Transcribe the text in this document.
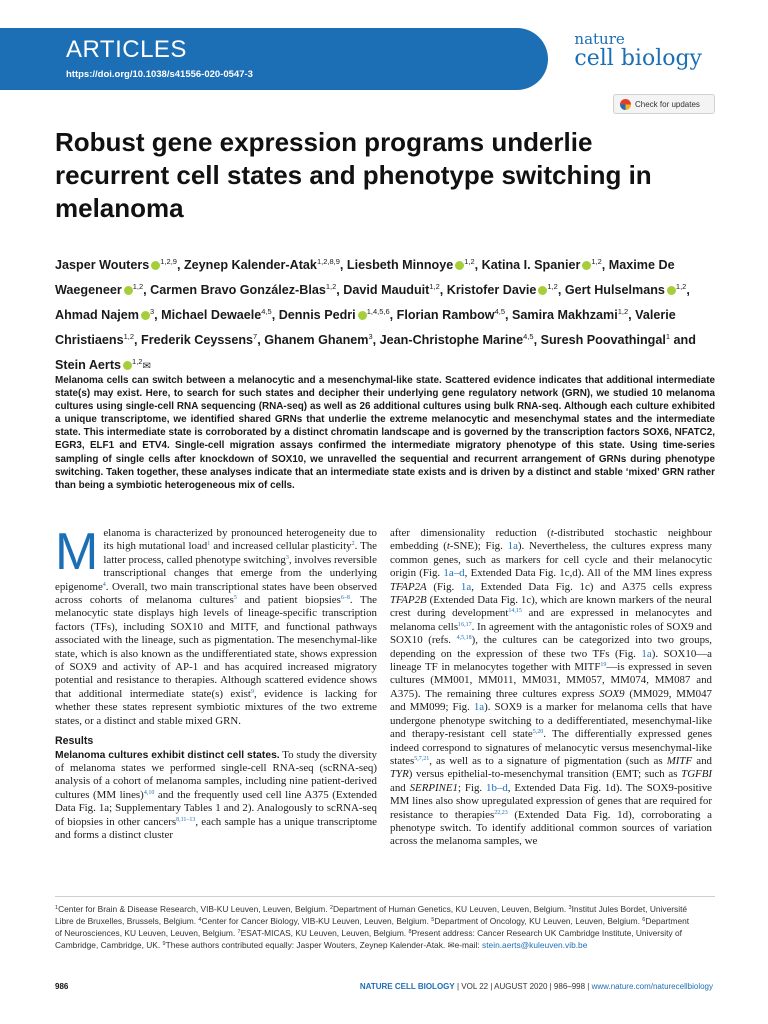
ARTICLES
https://doi.org/10.1038/s41556-020-0547-3
nature
cell biology
Check for updates
Robust gene expression programs underlie recurrent cell states and phenotype switching in melanoma
Jasper Wouters $^{1,2,9}$, Zeynep Kalender-Atak$^{1,2,8,9}$, Liesbeth Minnoye $^{1,2}$, Katina I. Spanier $^{1,2}$, Maxime De Waegeneer $^{1,2}$, Carmen Bravo González-Blas$^{1,2}$, David Mauduit$^{1,2}$, Kristofer Davie $^{1,2}$, Gert Hulselmans $^{1,2}$, Ahmad Najem $^3$, Michael Dewaele$^{4,5}$, Dennis Pedri $^{1,4,5,6}$, Florian Rambow$^{4,5}$, Samira Makhzami$^{1,2}$, Valerie Christiaens$^{1,2}$, Frederik Ceyssens$^7$, Ghanem Ghanem$^3$, Jean-Christophe Marine$^{4,5}$, Suresh Poovathingal$^1$ and Stein Aerts $^{1,2}$✉

Melanoma cells can switch between a melanocytic and a mesenchymal-like state. Scattered evidence indicates that additional intermediate state(s) may exist. Here, to search for such states and decipher their underlying gene regulatory network (GRN), we studied 10 melanoma cultures using single-cell RNA sequencing (RNA-seq) as well as 26 additional cultures using bulk RNA-seq. Although each culture exhibited a unique transcriptome, we identified shared GRNs that underlie the extreme melanocytic and mesenchymal states and the intermediate state. This intermediate state is corroborated by a distinct chromatin landscape and is governed by the transcription factors SOX6, NFATC2, EGR3, ELF1 and ETV4. Single-cell migration assays confirmed the intermediate migratory phenotype of this state. Using time-series sampling of single cells after knockdown of SOX10, we unravelled the sequential and recurrent arrangement of GRNs during phenotype switching. Taken together, these analyses indicate that an intermediate state exists and is driven by a distinct and stable ‘mixed’ GRN rather than being a symbiotic heterogeneous mix of cells.

Melanoma is characterized by pronounced heterogeneity due to its high mutational load$^1$ and increased cellular plasticity$^2$. The latter process, called phenotype switching$^3$, involves reversible transcriptional changes that emerge from the underlying epigenome$^4$. Overall, two main transcriptional states have been observed across cohorts of melanoma cultures$^5$ and patient biopsies$^{6-8}$. The melanocytic state displays high levels of lineage-specific transcription factors (TFs), including SOX10 and MITF, and functional pathways associated with the lineage, such as pigmentation. The mesenchymal-like state, which is also known as the undifferentiated state, shows expression of SOX9 and activity of AP-1 and has acquired increased migratory potential and resistance to therapies. Although scattered evidence shows that additional intermediate state(s) exist$^9$, evidence is lacking for whether these states represent symbiotic mixtures of the two extreme states, or a distinct and stable mixed GRN.

Results

Melanoma cultures exhibit distinct cell states. To study the diversity of melanoma states we performed single-cell RNA-seq (scRNA-seq) analysis of a cohort of melanoma samples, including nine patient-derived cultures (MM lines)$^{4,10}$ and the frequently used cell line A375 (Extended Data Fig. 1a; Supplementary Tables 1 and 2). Analogously to scRNA-seq of biopsies in other cancers$^{8,11-13}$, each sample has a unique transcriptome and forms a distinct cluster

after dimensionality reduction (t-distributed stochastic neighbour embedding (t-SNE); Fig. 1a). Nevertheless, the cultures express many common genes, such as markers for cell cycle and their melanocytic origin (Fig. 1a–d, Extended Data Fig. 1c,d). All of the MM lines express TFAP2A (Fig. 1a, Extended Data Fig. 1c) and A375 cells express TFAP2B (Extended Data Fig. 1c), which are known markers of the neural crest during development$^{14,15}$ and are expressed in melanocytes and melanoma cells$^{16,17}$. In agreement with the antagonistic roles of SOX9 and SOX10 (refs. $^{4,5,18}$), the cultures can be categorized into two groups, depending on the expression of these two TFs (Fig. 1a). SOX10—a lineage TF in melanocytes together with MITF$^{19}$—is expressed in seven cultures (MM001, MM011, MM031, MM057, MM074, MM087 and A375). The remaining three cultures express SOX9 (MM029, MM047 and MM099; Fig. 1a). SOX9 is a marker for melanoma cells that have undergone phenotype switching to a dedifferentiated, mesenchymal-like and therapy-resistant cell state$^{5,20}$. The differentially expressed genes indeed correspond to signatures of melanocytic versus mesenchymal-like states$^{5,7,21}$, as well as to a signature of pigmentation (such as MITF and TYR) versus epithelial-to-mesenchymal transition (EMT; such as TGFBI and SERPINE1; Fig. 1b–d, Extended Data Fig. 1d). The SOX9-positive MM lines also show upregulated expression of genes that are required for resistance to therapies$^{22,23}$ (Extended Data Fig. 1d), corroborating a phenotype switch. To identify additional common sources of variation across the melanoma samples, we

$^1$Center for Brain & Disease Research, VIB-KU Leuven, Leuven, Belgium. $^2$Department of Human Genetics, KU Leuven, Leuven, Belgium. $^3$Institut Jules Bordet, Université Libre de Bruxelles, Brussels, Belgium. $^4$Center for Cancer Biology, VIB-KU Leuven, Leuven, Belgium. $^5$Department of Oncology, KU Leuven, Leuven, Belgium. $^6$Department of Neurosciences, KU Leuven, Leuven, Belgium. $^7$ESAT-MICAS, KU Leuven, Leuven, Belgium. $^8$Present address: Cancer Research UK Cambridge Institute, University of Cambridge, Cambridge, UK. $^9$These authors contributed equally: Jasper Wouters, Zeynep Kalender-Atak. ✉e-mail: stein.aerts@kuleuven.vib.be

986	NATURE CELL BIOLOGY | VOL 22 | AUGUST 2020 | 986–998 | www.nature.com/naturecellbiology
